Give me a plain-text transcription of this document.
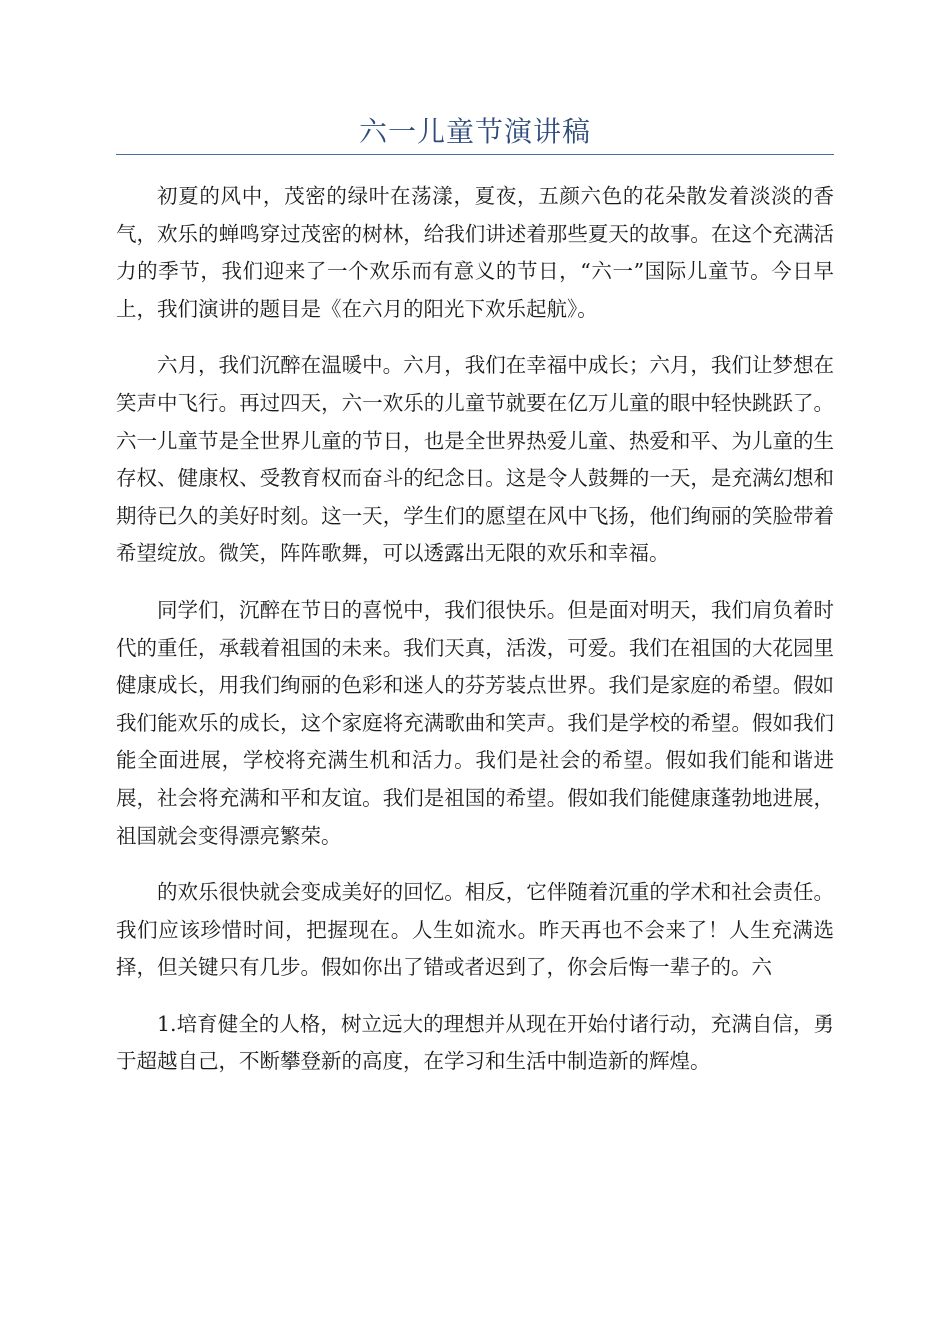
六一儿童节演讲稿

初夏的风中，茂密的绿叶在荡漾，夏夜，五颜六色的花朵散发着淡淡的香气，欢乐的蝉鸣穿过茂密的树林，给我们讲述着那些夏天的故事。在这个充满活力的季节，我们迎来了一个欢乐而有意义的节日，“六一”国际儿童节。今日早上，我们演讲的题目是《在六月的阳光下欢乐起航》。

六月，我们沉醉在温暖中。六月，我们在幸福中成长；六月，我们让梦想在笑声中飞行。再过四天，六一欢乐的儿童节就要在亿万儿童的眼中轻快跳跃了。六一儿童节是全世界儿童的节日，也是全世界热爱儿童、热爱和平、为儿童的生存权、健康权、受教育权而奋斗的纪念日。这是令人鼓舞的一天，是充满幻想和期待已久的美好时刻。这一天，学生们的愿望在风中飞扬，他们绚丽的笑脸带着希望绽放。微笑，阵阵歌舞，可以透露出无限的欢乐和幸福。

同学们，沉醉在节日的喜悦中，我们很快乐。但是面对明天，我们肩负着时代的重任，承载着祖国的未来。我们天真，活泼，可爱。我们在祖国的大花园里健康成长，用我们绚丽的色彩和迷人的芬芳装点世界。我们是家庭的希望。假如我们能欢乐的成长，这个家庭将充满歌曲和笑声。我们是学校的希望。假如我们能全面进展，学校将充满生机和活力。我们是社会的希望。假如我们能和谐进展，社会将充满和平和友谊。我们是祖国的希望。假如我们能健康蓬勃地进展，祖国就会变得漂亮繁荣。

的欢乐很快就会变成美好的回忆。相反，它伴随着沉重的学术和社会责任。我们应该珍惜时间，把握现在。人生如流水。昨天再也不会来了！人生充满选择，但关键只有几步。假如你出了错或者迟到了，你会后悔一辈子的。六

1.培育健全的人格，树立远大的理想并从现在开始付诸行动，充满自信，勇于超越自己，不断攀登新的高度，在学习和生活中制造新的辉煌。
